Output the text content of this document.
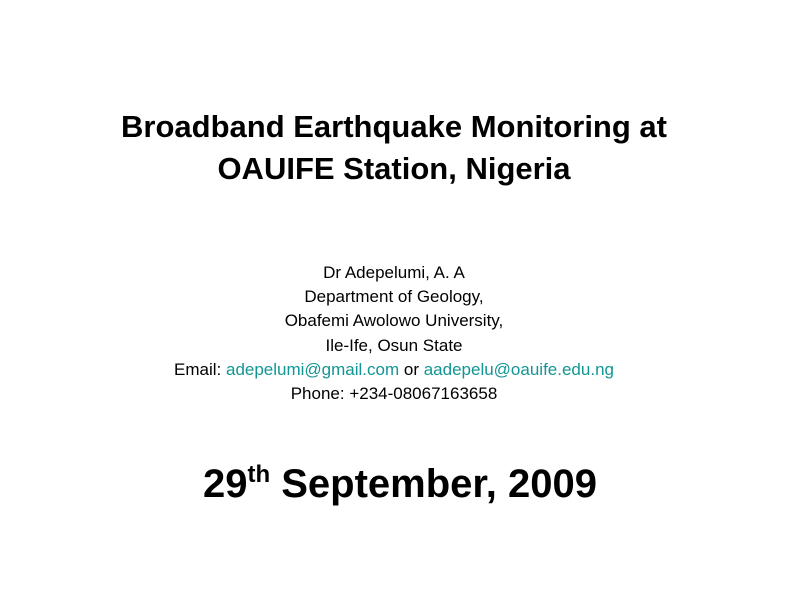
Broadband Earthquake Monitoring at
OAUIFE Station, Nigeria
Dr Adepelumi, A. A
Department of Geology,
Obafemi Awolowo University,
Ile-Ife, Osun State
Email: adepelumi@gmail.com or aadepelu@oauife.edu.ng
Phone: +234-08067163658
29th September, 2009
